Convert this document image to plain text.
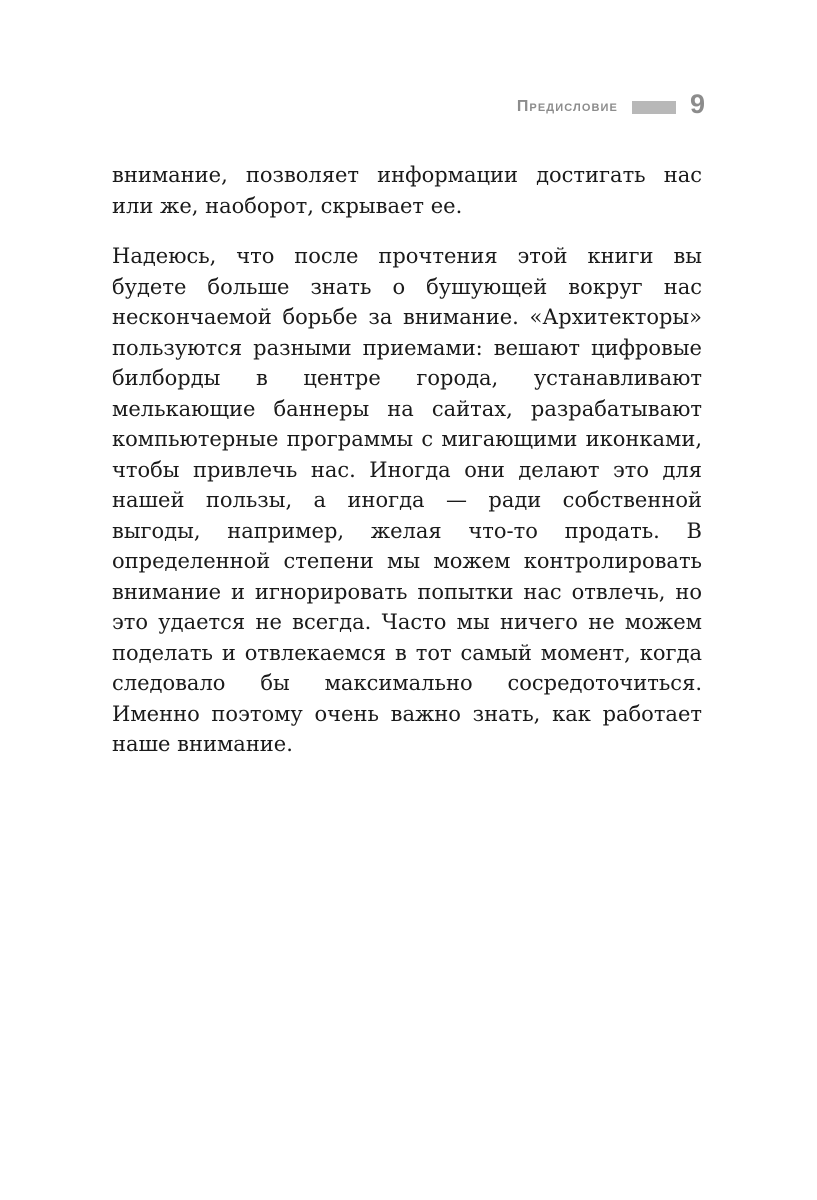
Предисловие	9

внимание, позволяет информации достигать нас или же, наоборот, скрывает ее.

Надеюсь, что после прочтения этой книги вы будете больше знать о бушующей вокруг нас нескончаемой борьбе за внимание. «Архитекторы» пользуются разными приемами: вешают цифровые билборды в центре города, устанавливают мелькающие баннеры на сайтах, разрабатывают компьютерные программы с мигающими иконками, чтобы привлечь нас. Иногда они делают это для нашей пользы, а иногда — ради собственной выгоды, например, желая что-то продать. В определенной степени мы можем контролировать внимание и игнорировать попытки нас отвлечь, но это удается не всегда. Часто мы ничего не можем поделать и отвлекаемся в тот самый момент, когда следовало бы максимально сосредоточиться. Именно поэтому очень важно знать, как работает наше внимание.
